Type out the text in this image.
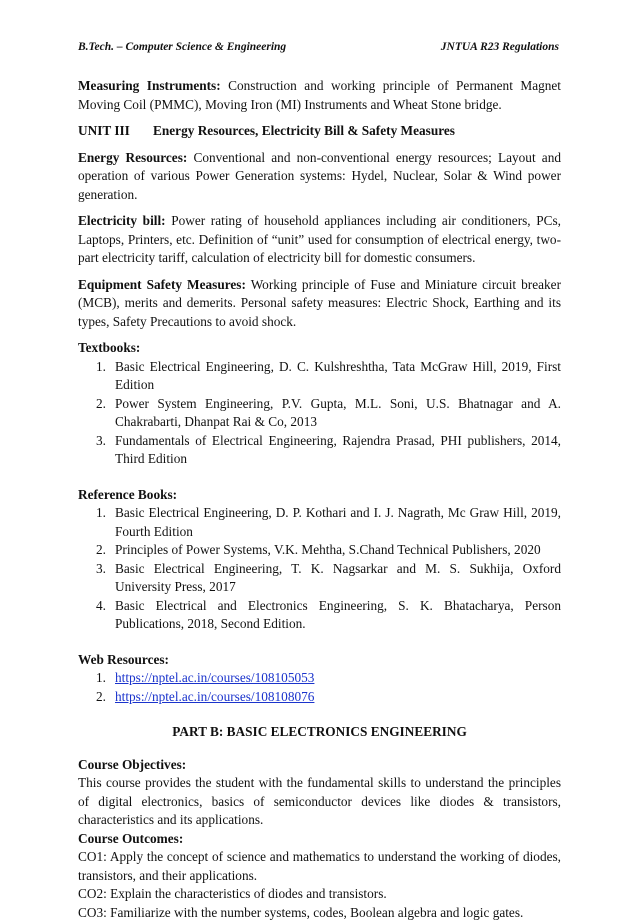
B.Tech. – Computer Science & Engineering	JNTUA R23 Regulations

Measuring Instruments: Construction and working principle of Permanent Magnet Moving Coil (PMMC), Moving Iron (MI) Instruments and Wheat Stone bridge.

UNIT III Energy Resources, Electricity Bill & Safety Measures

Energy Resources: Conventional and non-conventional energy resources; Layout and operation of various Power Generation systems: Hydel, Nuclear, Solar & Wind power generation.

Electricity bill: Power rating of household appliances including air conditioners, PCs, Laptops, Printers, etc. Definition of “unit” used for consumption of electrical energy, two-part electricity tariff, calculation of electricity bill for domestic consumers.

Equipment Safety Measures: Working principle of Fuse and Miniature circuit breaker (MCB), merits and demerits. Personal safety measures: Electric Shock, Earthing and its types, Safety Precautions to avoid shock.

Textbooks:

1. Basic Electrical Engineering, D. C. Kulshreshtha, Tata McGraw Hill, 2019, First Edition
2. Power System Engineering, P.V. Gupta, M.L. Soni, U.S. Bhatnagar and A. Chakrabarti, Dhanpat Rai & Co, 2013
3. Fundamentals of Electrical Engineering, Rajendra Prasad, PHI publishers, 2014, Third Edition

Reference Books:

1. Basic Electrical Engineering, D. P. Kothari and I. J. Nagrath, Mc Graw Hill, 2019, Fourth Edition
2. Principles of Power Systems, V.K. Mehtha, S.Chand Technical Publishers, 2020
3. Basic Electrical Engineering, T. K. Nagsarkar and M. S. Sukhija, Oxford University Press, 2017
4. Basic Electrical and Electronics Engineering, S. K. Bhatacharya, Person Publications, 2018, Second Edition.

Web Resources:

1. https://nptel.ac.in/courses/108105053
2. https://nptel.ac.in/courses/108108076

PART B: BASIC ELECTRONICS ENGINEERING

Course Objectives:

This course provides the student with the fundamental skills to understand the principles of digital electronics, basics of semiconductor devices like diodes & transistors, characteristics and its applications.

Course Outcomes:

CO1: Apply the concept of science and mathematics to understand the working of diodes, transistors, and their applications.

CO2: Explain the characteristics of diodes and transistors.

CO3: Familiarize with the number systems, codes, Boolean algebra and logic gates.
